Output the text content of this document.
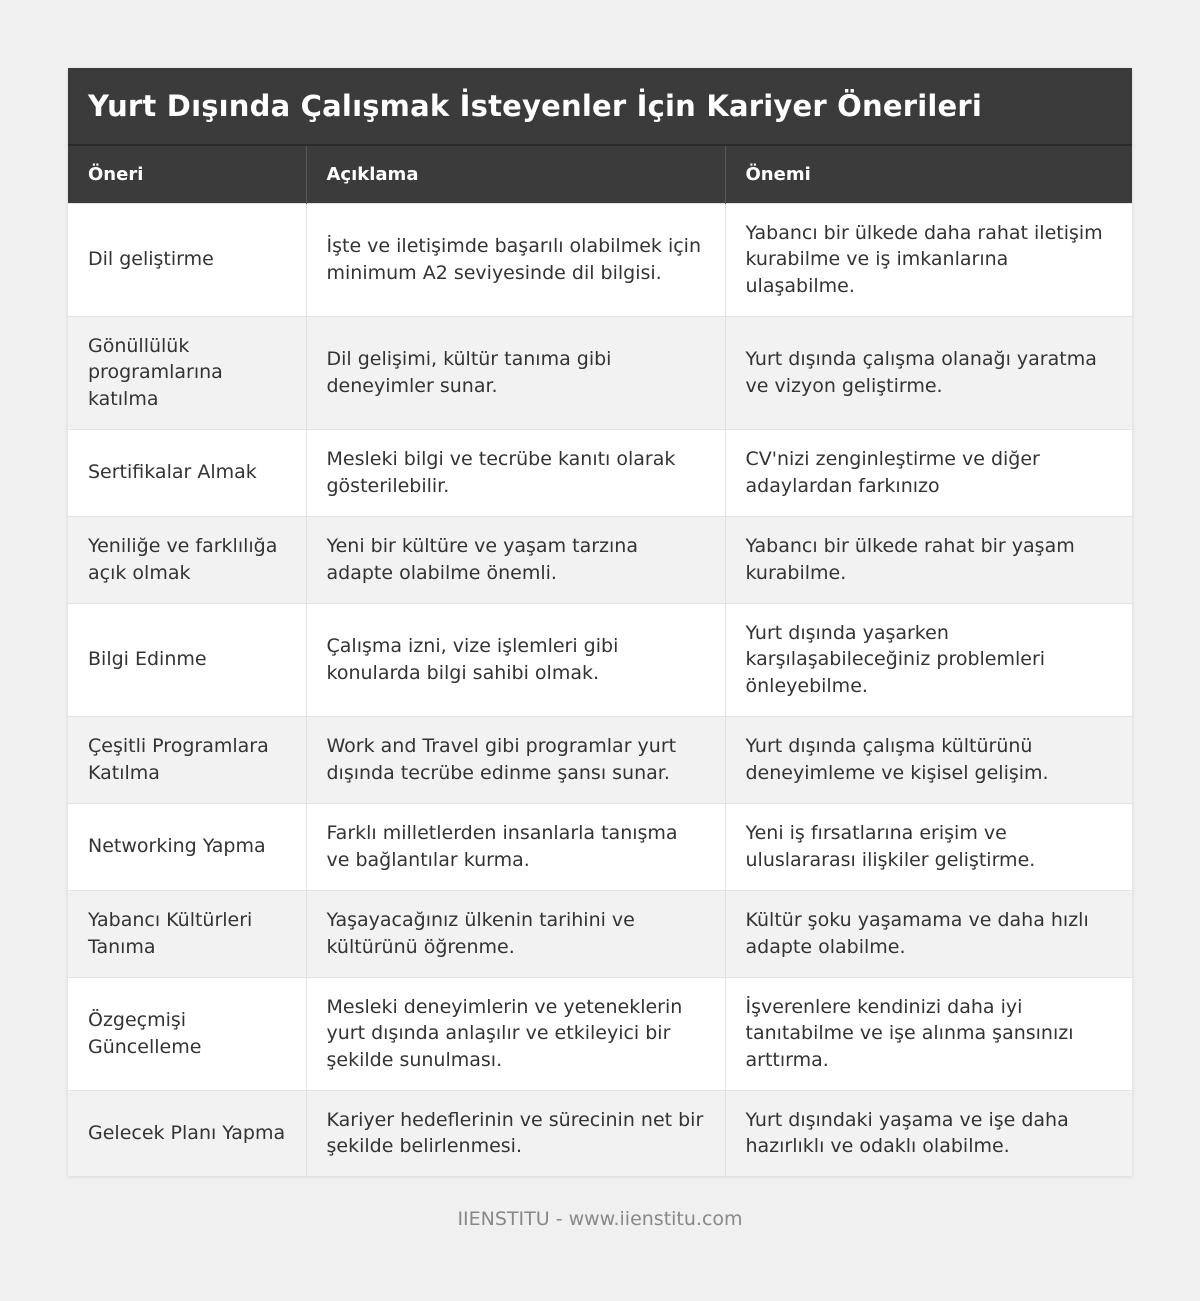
Yurt Dışında Çalışmak İsteyenler İçin Kariyer Önerileri
Öneri	Açıklama	Önemi
Dil geliştirme	İşte ve iletişimde başarılı olabilmek için minimum A2 seviyesinde dil bilgisi.	Yabancı bir ülkede daha rahat iletişim kurabilme ve iş imkanlarına ulaşabilme.
Gönüllülük programlarına katılma	Dil gelişimi, kültür tanıma gibi deneyimler sunar.	Yurt dışında çalışma olanağı yaratma ve vizyon geliştirme.
Sertifikalar Almak	Mesleki bilgi ve tecrübe kanıtı olarak gösterilebilir.	CV'nizi zenginleştirme ve diğer adaylardan farkınızo
Yeniliğe ve farklılığa açık olmak	Yeni bir kültüre ve yaşam tarzına adapte olabilme önemli.	Yabancı bir ülkede rahat bir yaşam kurabilme.
Bilgi Edinme	Çalışma izni, vize işlemleri gibi konularda bilgi sahibi olmak.	Yurt dışında yaşarken karşılaşabileceğiniz problemleri önleyebilme.
Çeşitli Programlara Katılma	Work and Travel gibi programlar yurt dışında tecrübe edinme şansı sunar.	Yurt dışında çalışma kültürünü deneyimleme ve kişisel gelişim.
Networking Yapma	Farklı milletlerden insanlarla tanışma ve bağlantılar kurma.	Yeni iş fırsatlarına erişim ve uluslararası ilişkiler geliştirme.
Yabancı Kültürleri Tanıma	Yaşayacağınız ülkenin tarihini ve kültürünü öğrenme.	Kültür şoku yaşamama ve daha hızlı adapte olabilme.
Özgeçmişi Güncelleme	Mesleki deneyimlerin ve yeteneklerin yurt dışında anlaşılır ve etkileyici bir şekilde sunulması.	İşverenlere kendinizi daha iyi tanıtabilme ve işe alınma şansınızı arttırma.
Gelecek Planı Yapma	Kariyer hedeflerinin ve sürecinin net bir şekilde belirlenmesi.	Yurt dışındaki yaşama ve işe daha hazırlıklı ve odaklı olabilme.
IIENSTITU - www.iienstitu.com
